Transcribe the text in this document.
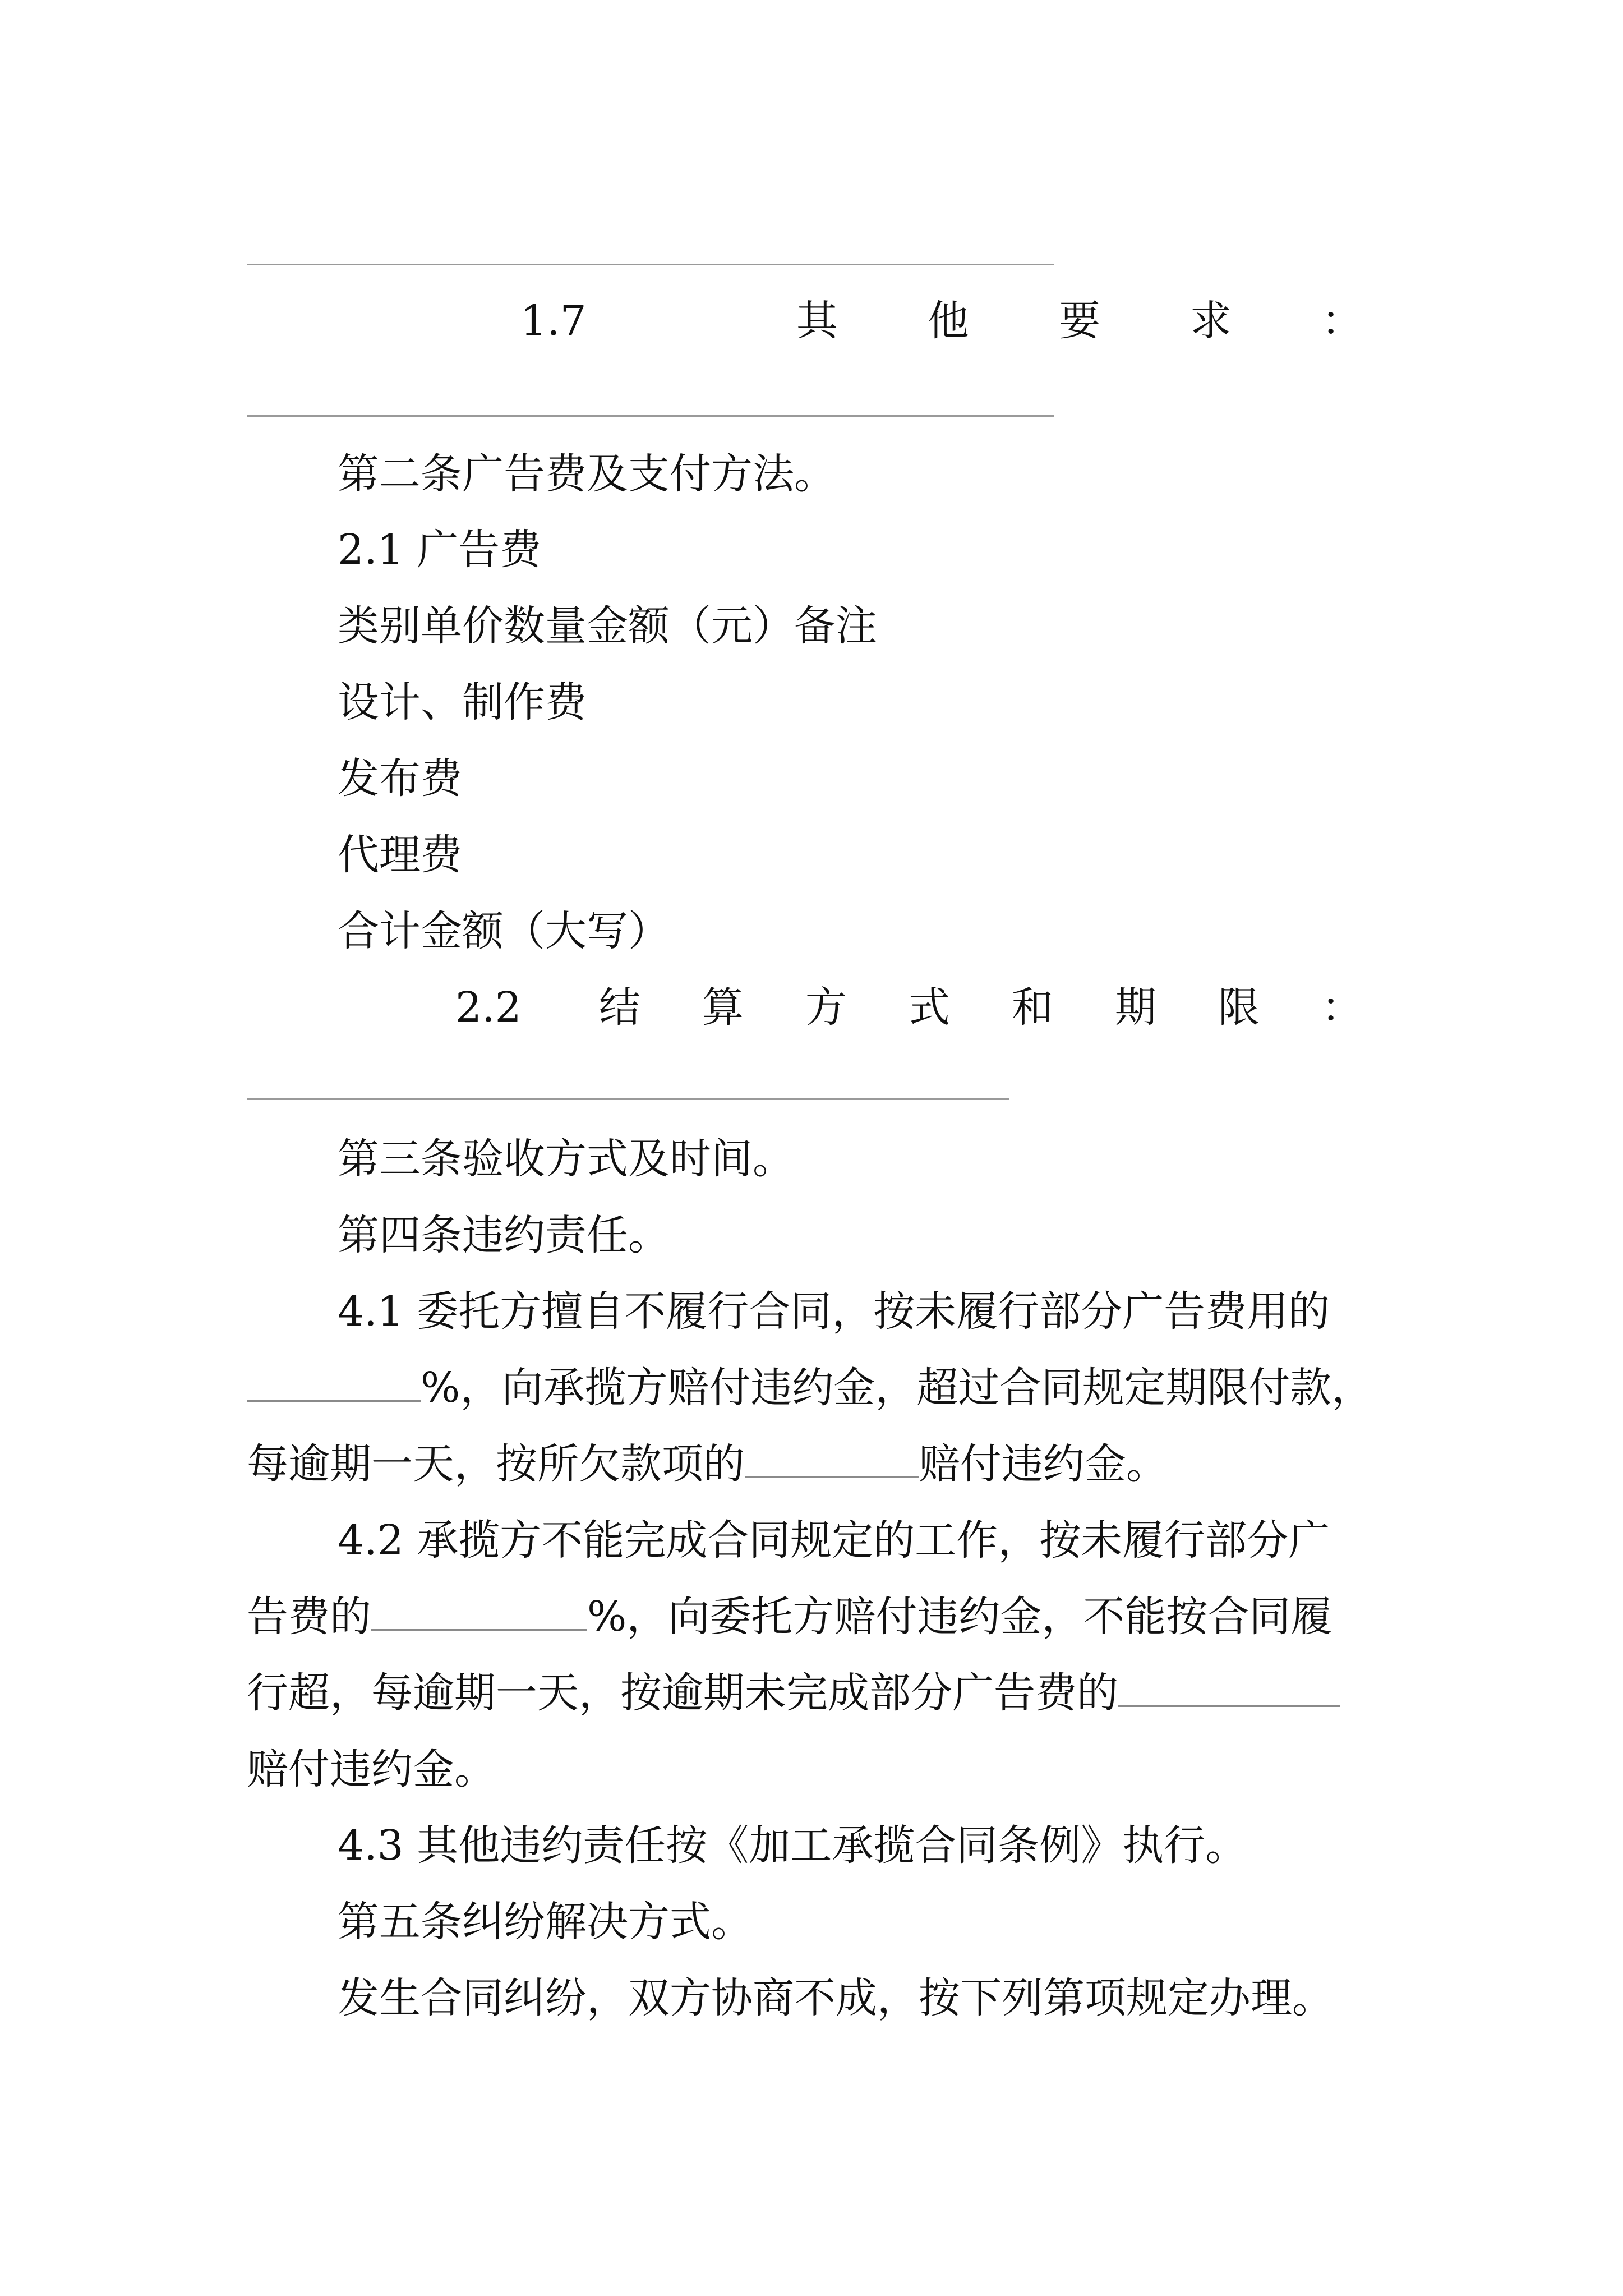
1.7	其 他 要 求 ：
第二条广告费及支付方法。
2.1 广告费
类别单价数量金额（元）备注
设计、制作费
发布费
代理费
合计金额（大写）
2.2 结 算 方 式 和 期 限 ：
第三条验收方式及时间。
第四条违约责任。
4.1 委托方擅自不履行合同，按未履行部分广告费用的
%，向承揽方赔付违约金，超过合同规定期限付款，
每逾期一天，按所欠款项的	赔付违约金。
4.2 承揽方不能完成合同规定的工作，按未履行部分广
告费的	%，向委托方赔付违约金，不能按合同履
行超，每逾期一天，按逾期未完成部分广告费的
赔付违约金。
4.3 其他违约责任按《加工承揽合同条例》执行。
第五条纠纷解决方式。
发生合同纠纷，双方协商不成，按下列第项规定办理。
